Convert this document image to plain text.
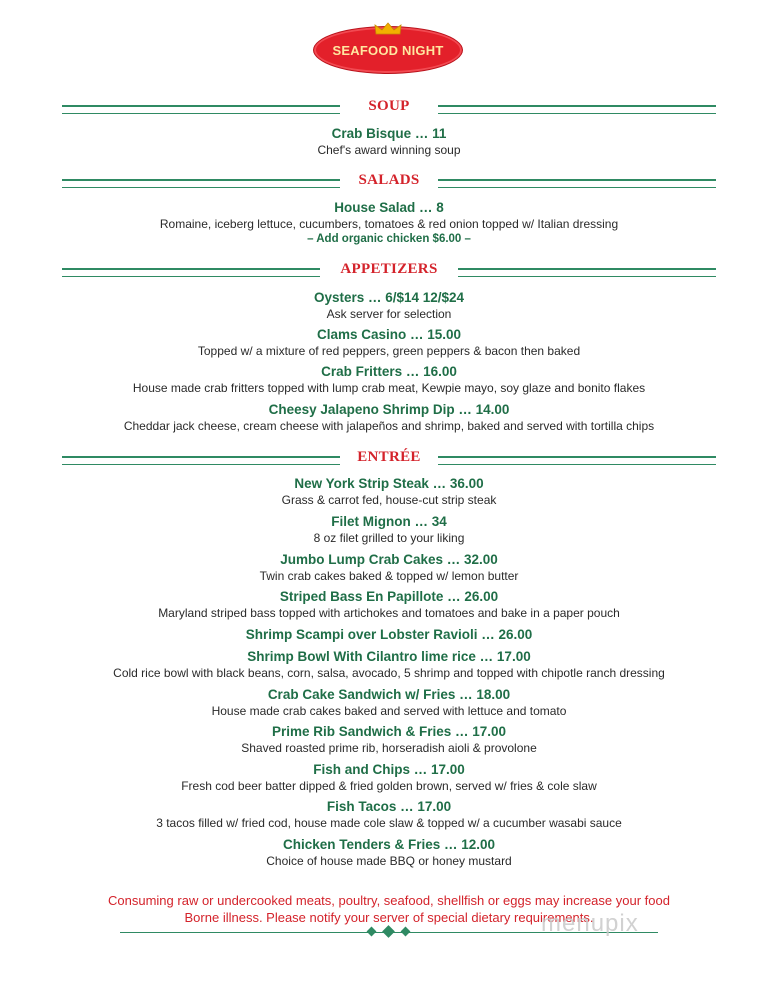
SEAFOOD NIGHT
SOUP
Crab Bisque … 11
Chef's award winning soup
SALADS
House Salad … 8
Romaine, iceberg lettuce, cucumbers, tomatoes & red onion topped w/ Italian dressing
– Add organic chicken $6.00 –
APPETIZERS
Oysters … 6/$14 12/$24
Ask server for selection
Clams Casino … 15.00
Topped w/ a mixture of red peppers, green peppers & bacon then baked
Crab Fritters … 16.00
House made crab fritters topped with lump crab meat, Kewpie mayo, soy glaze and bonito flakes
Cheesy Jalapeno Shrimp Dip … 14.00
Cheddar jack cheese, cream cheese with jalapeños and shrimp, baked and served with tortilla chips
ENTRÉE
New York Strip Steak … 36.00
Grass & carrot fed, house-cut strip steak
Filet Mignon … 34
8 oz filet grilled to your liking
Jumbo Lump Crab Cakes … 32.00
Twin crab cakes baked & topped w/ lemon butter
Striped Bass En Papillote … 26.00
Maryland striped bass topped with artichokes and tomatoes and bake in a paper pouch
Shrimp Scampi over Lobster Ravioli … 26.00
Shrimp Bowl With Cilantro lime rice … 17.00
Cold rice bowl with black beans, corn, salsa, avocado, 5 shrimp and topped with chipotle ranch dressing
Crab Cake Sandwich w/ Fries … 18.00
House made crab cakes baked and served with lettuce and tomato
Prime Rib Sandwich & Fries … 17.00
Shaved roasted prime rib, horseradish aioli & provolone
Fish and Chips … 17.00
Fresh cod beer batter dipped & fried golden brown, served w/ fries & cole slaw
Fish Tacos … 17.00
3 tacos filled w/ fried cod, house made cole slaw & topped w/ a cucumber wasabi sauce
Chicken Tenders & Fries … 12.00
Choice of house made BBQ or honey mustard
Consuming raw or undercooked meats, poultry, seafood, shellfish or eggs may increase your food
Borne illness. Please notify your server of special dietary requirements.
menupix
